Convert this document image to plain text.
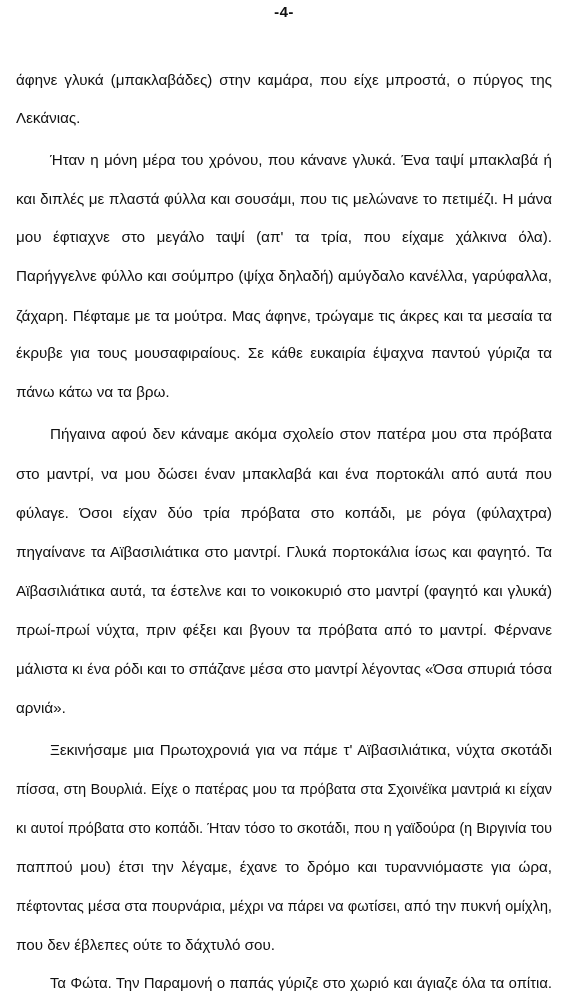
-4-
άφηνε γλυκά (μπακλαβάδες) στην καμάρα, που είχε μπροστά, ο πύργος της
Λεκάνιας.
Ήταν η μόνη μέρα του χρόνου, που κάνανε γλυκά. Ένα ταψί μπακλαβά ή
και διπλές με πλαστά φύλλα και σουσάμι, που τις μελώνανε το πετιμέζι. Η μάνα
μου έφτιαχνε στο μεγάλο ταψί (απ' τα τρία, που είχαμε χάλκινα όλα).
Παρήγγελνε φύλλο και σούμπρο (ψίχα δηλαδή) αμύγδαλο κανέλλα, γαρύφαλλα,
ζάχαρη. Πέφταμε με τα μούτρα. Μας άφηνε, τρώγαμε τις άκρες και τα μεσαία τα
έκρυβε για τους μουσαφιραίους. Σε κάθε ευκαιρία έψαχνα παντού γύριζα τα
πάνω κάτω να τα βρω.
Πήγαινα αφού δεν κάναμε ακόμα σχολείο στον πατέρα μου στα πρόβατα
στο μαντρί, να μου δώσει έναν μπακλαβά και ένα πορτοκάλι από αυτά που
φύλαγε. Όσοι είχαν δύο τρία πρόβατα στο κοπάδι, με ρόγα (φύλαχτρα)
πηγαίνανε τα Αϊβασιλιάτικα στο μαντρί. Γλυκά πορτοκάλια ίσως και φαγητό. Τα
Αϊβασιλιάτικα αυτά, τα έστελνε και το νοικοκυριό στο μαντρί (φαγητό και γλυκά)
πρωί-πρωί νύχτα, πριν φέξει και βγουν τα πρόβατα από το μαντρί. Φέρνανε
μάλιστα κι ένα ρόδι και το σπάζανε μέσα στο μαντρί λέγοντας «Όσα σπυριά τόσα
αρνιά».
Ξεκινήσαμε μια Πρωτοχρονιά για να πάμε τ' Αϊβασιλιάτικα, νύχτα σκοτάδι
πίσσα, στη Βουρλιά. Είχε ο πατέρας μου τα πρόβατα στα Σχοινέϊκα μαντριά κι είχαν
κι αυτοί πρόβατα στο κοπάδι. Ήταν τόσο το σκοτάδι, που η γαϊδούρα (η Βιργινία του
παππού μου) έτσι την λέγαμε, έχανε το δρόμο και τυραννιόμαστε για ώρα,
πέφτοντας μέσα στα πουρνάρια, μέχρι να πάρει να φωτίσει, από την πυκνή ομίχλη,
που δεν έβλεπες ούτε το δάχτυλό σου.
Τα Φώτα. Την Παραμονή ο παπάς γύριζε στο χωριό και άγιαζε όλα τα οπίτια.
